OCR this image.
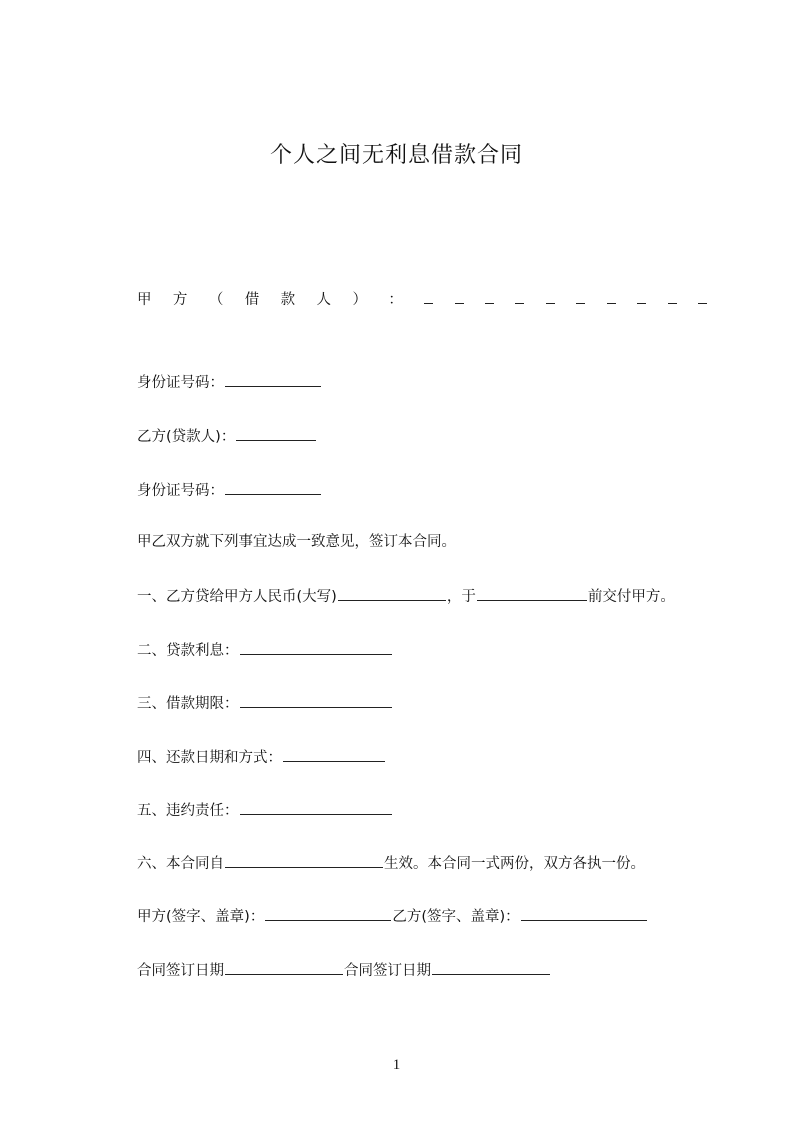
个人之间无利息借款合同
甲 方 （ 借 款 人 ） ：
身份证号码：
乙方(贷款人)：
身份证号码：
甲乙双方就下列事宜达成一致意见，签订本合同。
一、乙方贷给甲方人民币(大写)	，于	前交付甲方。
二、贷款利息：
三、借款期限：
四、还款日期和方式：
五、违约责任：
六、本合同自	生效。本合同一式两份，双方各执一份。
甲方(签字、盖章)：	乙方(签字、盖章)：
合同签订日期	合同签订日期
1
